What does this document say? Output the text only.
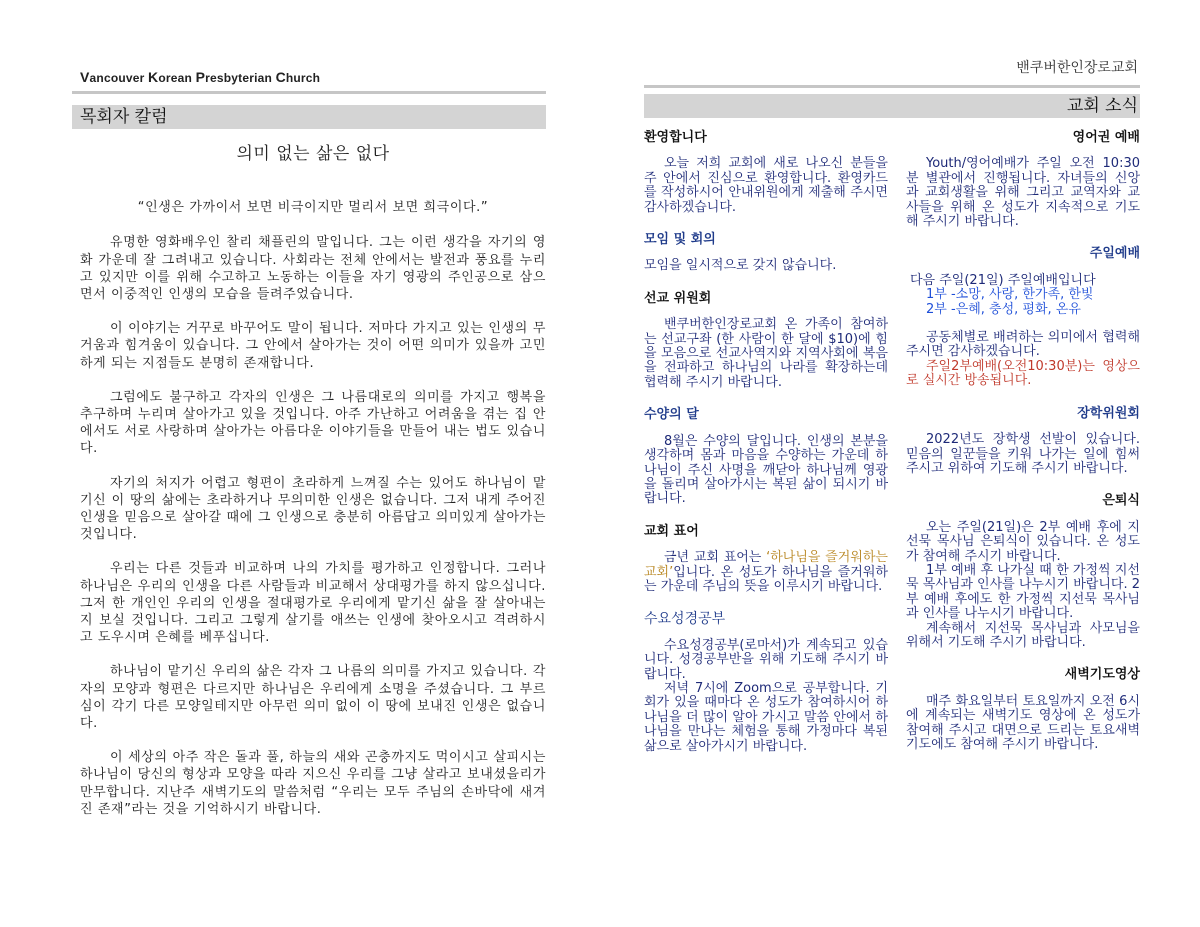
Vancouver Korean Presbyterian Church
목회자 칼럼
의미 없는 삶은 없다

“인생은 가까이서 보면 비극이지만 멀리서 보면 희극이다.”

유명한 영화배우인 찰리 채플린의 말입니다. 그는 이런 생각을 자기의 영화 가운데 잘 그려내고 있습니다. 사회라는 전체 안에서는 발전과 풍요를 누리고 있지만 이를 위해 수고하고 노동하는 이들을 자기 영광의 주인공으로 삼으면서 이중적인 인생의 모습을 들려주었습니다.

이 이야기는 거꾸로 바꾸어도 말이 됩니다. 저마다 가지고 있는 인생의 무거움과 힘겨움이 있습니다. 그 안에서 살아가는 것이 어떤 의미가 있을까 고민하게 되는 지점들도 분명히 존재합니다.

그럼에도 불구하고 각자의 인생은 그 나름대로의 의미를 가지고 행복을 추구하며 누리며 살아가고 있을 것입니다. 아주 가난하고 어려움을 겪는 집 안에서도 서로 사랑하며 살아가는 아름다운 이야기들을 만들어 내는 법도 있습니다.

자기의 처지가 어렵고 형편이 초라하게 느껴질 수는 있어도 하나님이 맡기신 이 땅의 삶에는 초라하거나 무의미한 인생은 없습니다. 그저 내게 주어진 인생을 믿음으로 살아갈 때에 그 인생으로 충분히 아름답고 의미있게 살아가는 것입니다.

우리는 다른 것들과 비교하며 나의 가치를 평가하고 인정합니다. 그러나 하나님은 우리의 인생을 다른 사람들과 비교해서 상대평가를 하지 않으십니다. 그저 한 개인인 우리의 인생을 절대평가로 우리에게 맡기신 삶을 잘 살아내는지 보실 것입니다. 그리고 그렇게 살기를 애쓰는 인생에 찾아오시고 격려하시고 도우시며 은혜를 베푸십니다.

하나님이 맡기신 우리의 삶은 각자 그 나름의 의미를 가지고 있습니다. 각자의 모양과 형편은 다르지만 하나님은 우리에게 소명을 주셨습니다. 그 부르심이 각기 다른 모양일테지만 아무런 의미 없이 이 땅에 보내진 인생은 없습니다.

이 세상의 아주 작은 돌과 풀, 하늘의 새와 곤충까지도 먹이시고 살피시는 하나님이 당신의 형상과 모양을 따라 지으신 우리를 그냥 살라고 보내셨을리가 만무합니다. 지난주 새벽기도의 말씀처럼 “우리는 모두 주님의 손바닥에 새겨진 존재”라는 것을 기억하시기 바랍니다.

밴쿠버한인장로교회
교회 소식
환영합니다

오늘 저희 교회에 새로 나오신 분들을 주 안에서 진심으로 환영합니다. 환영카드를 작성하시어 안내위원에게 제출해 주시면 감사하겠습니다.

모임 및 회의

모임을 일시적으로 갖지 않습니다.

선교 위원회

밴쿠버한인장로교회 온 가족이 참여하는 선교구좌 (한 사람이 한 달에 $10)에 힘을 모음으로 선교사역지와 지역사회에 복음을 전파하고 하나님의 나라를 확장하는데 협력해 주시기 바랍니다.

수양의 달

8월은 수양의 달입니다. 인생의 본분을 생각하며 몸과 마음을 수양하는 가운데 하나님이 주신 사명을 깨닫아 하나님께 영광을 돌리며 살아가시는 복된 삶이 되시기 바랍니다.

교회 표어

금년 교회 표어는 ‘하나님을 즐거워하는 교회’입니다. 온 성도가 하나님을 즐거워하는 가운데 주님의 뜻을 이루시기 바랍니다.

수요성경공부

수요성경공부(로마서)가 계속되고 있습니다. 성경공부반을 위해 기도해 주시기 바랍니다.

저녁 7시에 Zoom으로 공부합니다. 기회가 있을 때마다 온 성도가 참여하시어 하나님을 더 많이 알아 가시고 말씀 안에서 하나님을 만나는 체험을 통해 가정마다 복된 삶으로 살아가시기 바랍니다.

영어권 예배

Youth/영어예배가 주일 오전 10:30분 별관에서 진행됩니다. 자녀들의 신앙과 교회생활을 위해 그리고 교역자와 교사들을 위해 온 성도가 지속적으로 기도해 주시기 바랍니다.

주일예배

다음 주일(21일) 주일예배입니다

1부 -소망, 사랑, 한가족, 한빛
2부 -은혜, 충성, 평화, 온유

공동체별로 배려하는 의미에서 협력해 주시면 감사하겠습니다.

주일2부예배(오전10:30분)는 영상으로 실시간 방송됩니다.

장학위원회

2022년도 장학생 선발이 있습니다. 믿음의 일꾼들을 키워 나가는 일에 힘써 주시고 위하여 기도해 주시기 바랍니다.

은퇴식

오는 주일(21일)은 2부 예배 후에 지선묵 목사님 은퇴식이 있습니다. 온 성도가 참여해 주시기 바랍니다.

1부 예배 후 나가실 때 한 가정씩 지선묵 목사님과 인사를 나누시기 바랍니다. 2부 예배 후에도 한 가정씩 지선묵 목사님과 인사를 나누시기 바랍니다.

계속해서 지선묵 목사님과 사모님을 위해서 기도해 주시기 바랍니다.

새벽기도영상

매주 화요일부터 토요일까지 오전 6시에 계속되는 새벽기도 영상에 온 성도가 참여해 주시고 대면으로 드리는 토요새벽기도에도 참여해 주시기 바랍니다.
